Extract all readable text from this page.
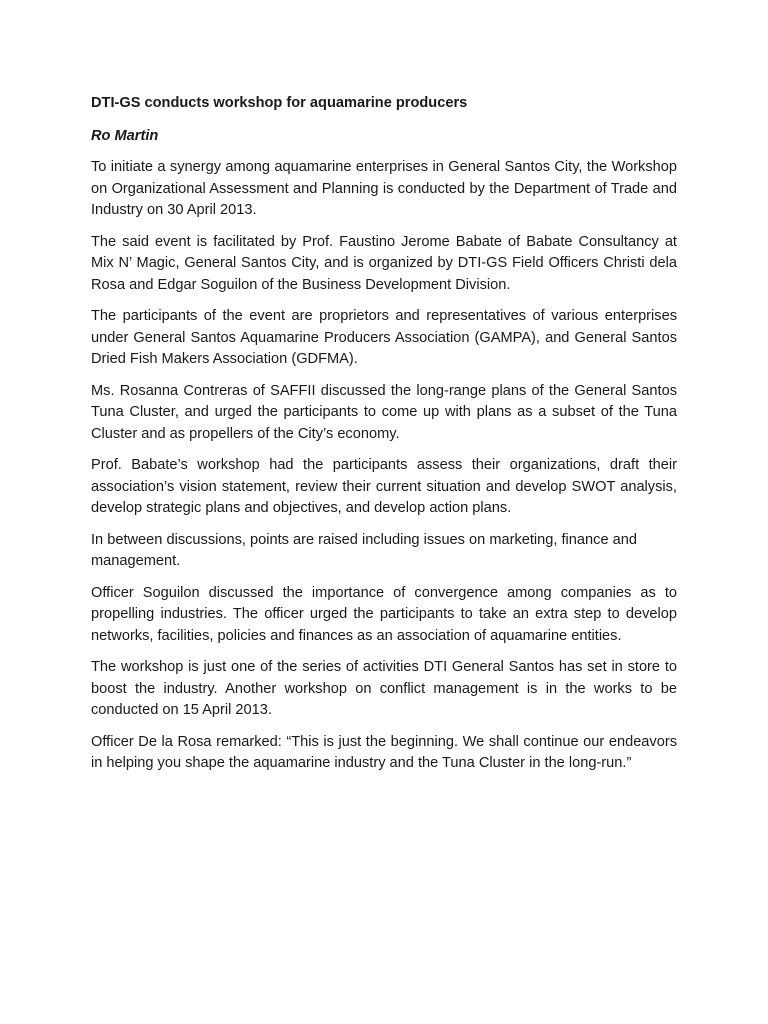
DTI-GS conducts workshop for aquamarine producers
Ro Martin

To initiate a synergy among aquamarine enterprises in General Santos City, the Workshop on Organizational Assessment and Planning is conducted by the Department of Trade and Industry on 30 April 2013.

The said event is facilitated by Prof. Faustino Jerome Babate of Babate Consultancy at Mix N’ Magic, General Santos City, and is organized by DTI-GS Field Officers Christi dela Rosa and Edgar Soguilon of the Business Development Division.

The participants of the event are proprietors and representatives of various enterprises under General Santos Aquamarine Producers Association (GAMPA), and General Santos Dried Fish Makers Association (GDFMA).

Ms. Rosanna Contreras of SAFFII discussed the long-range plans of the General Santos Tuna Cluster, and urged the participants to come up with plans as a subset of the Tuna Cluster and as propellers of the City’s economy.

Prof. Babate’s workshop had the participants assess their organizations, draft their association’s vision statement, review their current situation and develop SWOT analysis, develop strategic plans and objectives, and develop action plans.

In between discussions, points are raised including issues on marketing, finance and management.

Officer Soguilon discussed the importance of convergence among companies as to propelling industries. The officer urged the participants to take an extra step to develop networks, facilities, policies and finances as an association of aquamarine entities.

The workshop is just one of the series of activities DTI General Santos has set in store to boost the industry. Another workshop on conflict management is in the works to be conducted on 15 April 2013.

Officer De la Rosa remarked: “This is just the beginning. We shall continue our endeavors in helping you shape the aquamarine industry and the Tuna Cluster in the long-run.”
